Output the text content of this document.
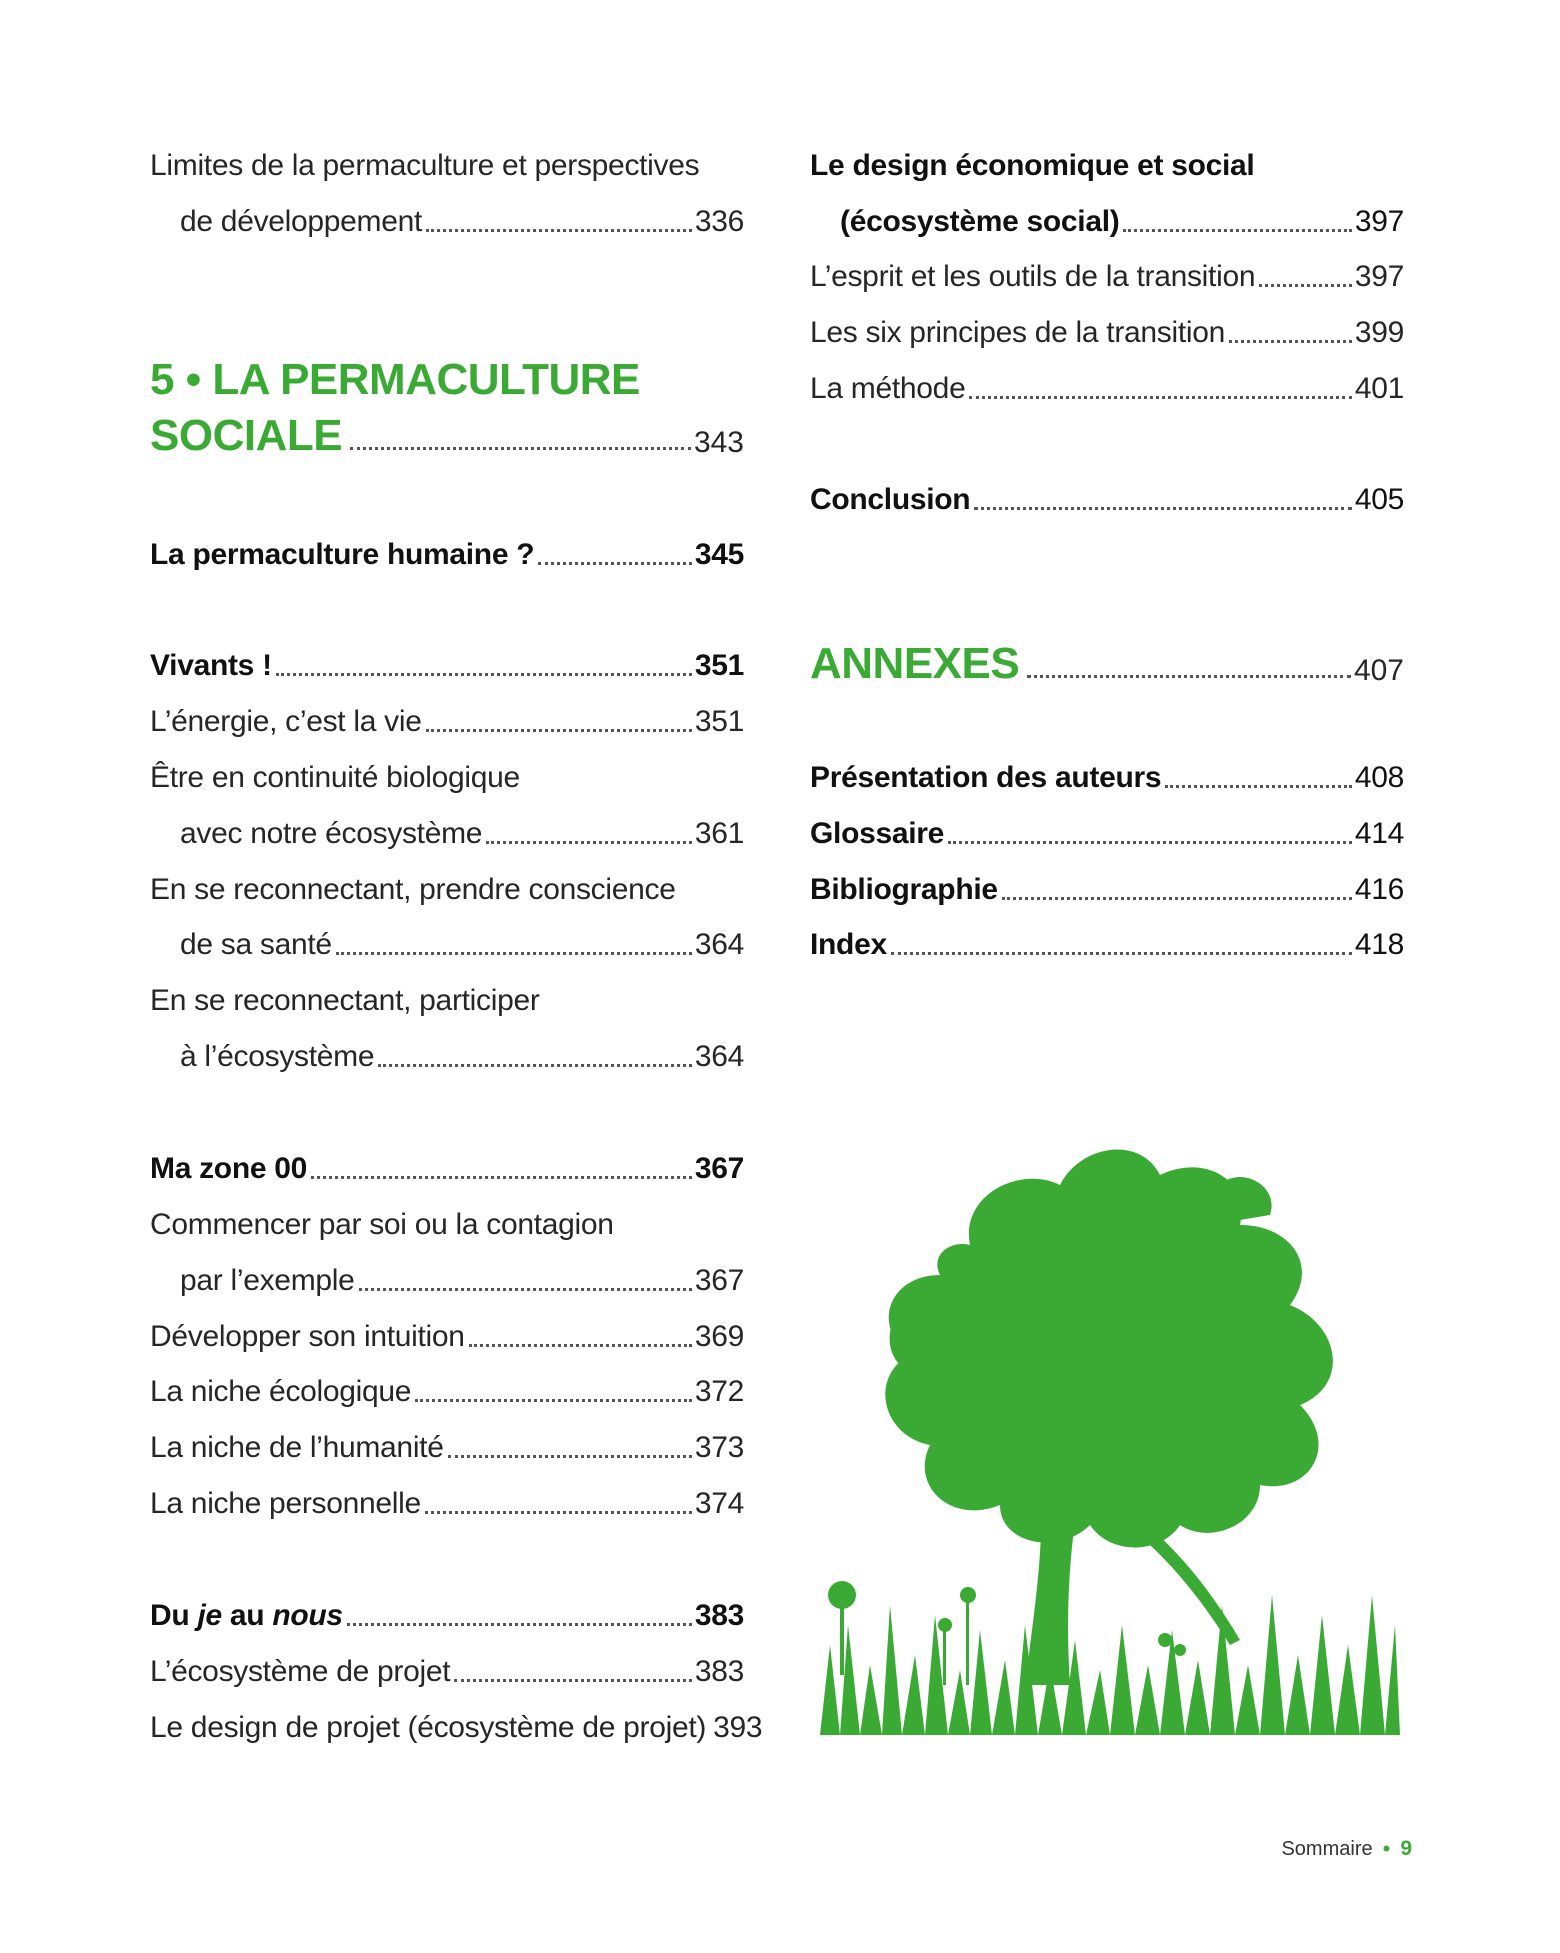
Limites de la permaculture et perspectives
de développement	336
5 • LA PERMACULTURE
SOCIALE	343
La permaculture humaine ?	345
Vivants !	351
L’énergie, c’est la vie	351
Être en continuité biologique
avec notre écosystème	361
En se reconnectant, prendre conscience
de sa santé	364
En se reconnectant, participer
à l’écosystème	364
Ma zone 00	367
Commencer par soi ou la contagion
par l’exemple	367
Développer son intuition	369
La niche écologique	372
La niche de l’humanité	373
La niche personnelle	374
Du je au nous	383
L’écosystème de projet	383
Le design de projet (écosystème de projet) 393
Le design économique et social
(écosystème social)	397
L’esprit et les outils de la transition	397
Les six principes de la transition	399
La méthode	401
Conclusion	405
ANNEXES	407
Présentation des auteurs	408
Glossaire	414
Bibliographie	416
Index	418
Sommaire • 9
